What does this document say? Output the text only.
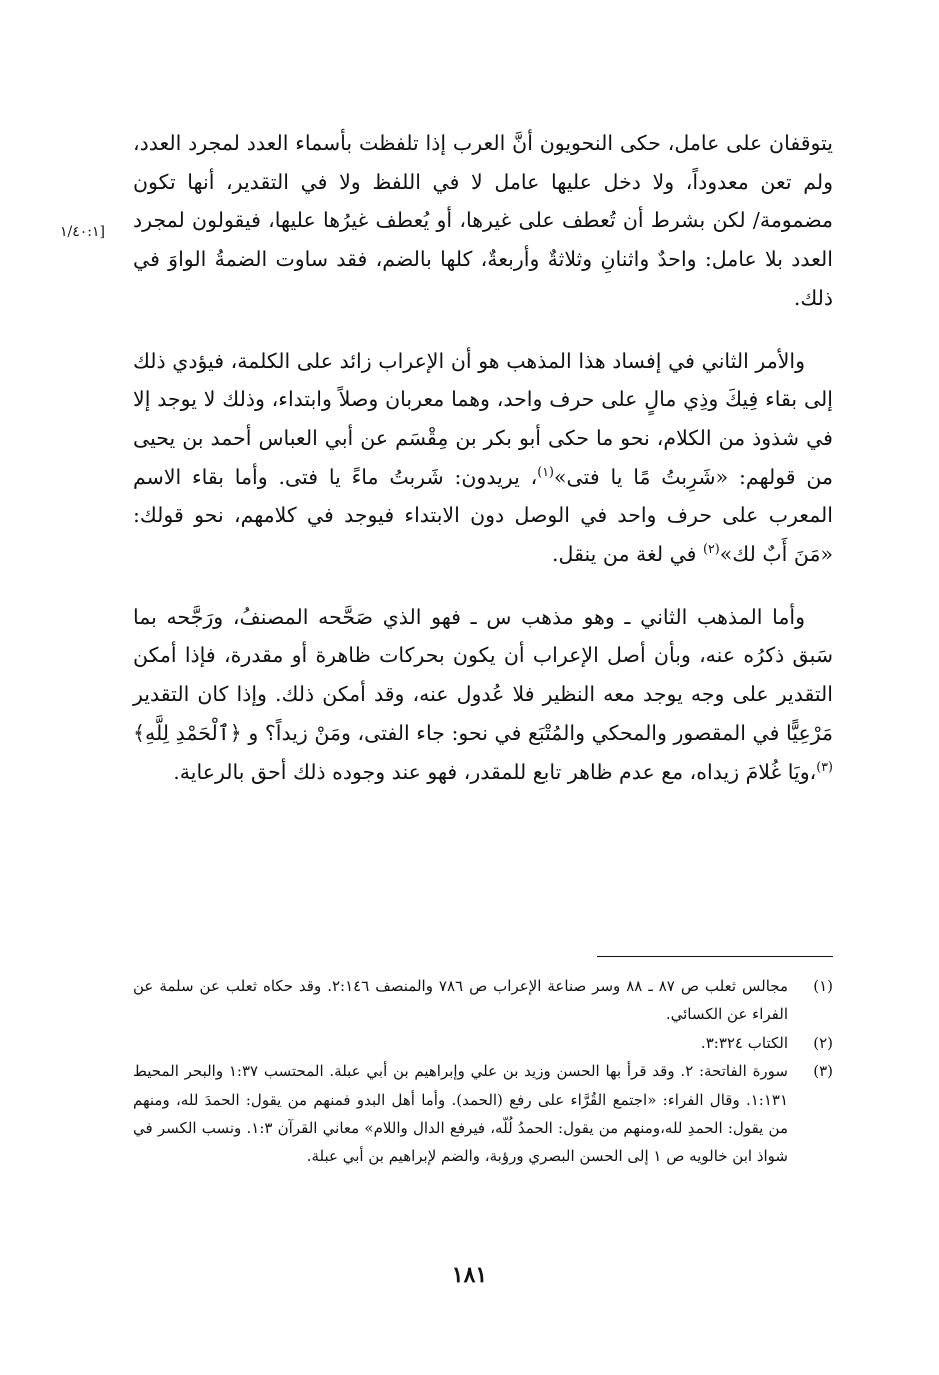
[١/٤٠:١

يتوقفان على عامل، حكى النحويون أنَّ العرب إذا تلفظت بأسماء العدد لمجرد العدد، ولم تعن معدوداً، ولا دخل عليها عامل لا في اللفظ ولا في التقدير، أنها تكون مضمومة/ لكن بشرط أن تُعطف على غيرها، أو يُعطف غيرُها عليها، فيقولون لمجرد العدد بلا عامل: واحدٌ واثنانِ وثلاثةٌ وأربعةٌ، كلها بالضم، فقد ساوت الضمةُ الواوَ في ذلك.

والأمر الثاني في إفساد هذا المذهب هو أن الإعراب زائد على الكلمة، فيؤدي ذلك إلى بقاء فِيكَ وذِي مالٍ على حرف واحد، وهما معربان وصلاً وابتداء، وذلك لا يوجد إلا في شذوذ من الكلام، نحو ما حكى أبو بكر بن مِقْسَم عن أبي العباس أحمد بن يحيى من قولهم: «شَرِبتُ مًا يا فتى»$^{(١)}$، يريدون: شَربتُ ماءً يا فتى. وأما بقاء الاسم المعرب على حرف واحد في الوصل دون الابتداء فيوجد في كلامهم، نحو قولك: «مَنَ أَبٌ لك»$^{(٢)}$ في لغة من ينقل.

وأما المذهب الثاني ـ وهو مذهب س ـ فهو الذي صَحَّحه المصنفُ، ورَجَّحه بما سَبق ذكرُه عنه، وبأن أصل الإعراب أن يكون بحركات ظاهرة أو مقدرة، فإذا أمكن التقدير على وجه يوجد معه النظير فلا عُدول عنه، وقد أمكن ذلك. وإذا كان التقدير مَرْعِيًّا في المقصور والمحكي والمُتْبَع في نحو: جاء الفتى، ومَنْ زيداً؟ و ﴿ٱلْحَمْدِ لِلَّهِ﴾$^{(٣)}$،ويَا غُلامَ زيداه، مع عدم ظاهر تابع للمقدر، فهو عند وجوده ذلك أحق بالرعاية.

(١)
مجالس ثعلب ص ٨٧ ـ ٨٨ وسر صناعة الإعراب ص ٧٨٦ والمنصف ٢:١٤٦. وقد حكاه ثعلب عن سلمة عن الفراء عن الكسائي.

(٢)
الكتاب ٣:٣٢٤.

(٣)
سورة الفاتحة: ٢. وقد قرأ بها الحسن وزيد بن علي وإبراهيم بن أبي عبلة. المحتسب ١:٣٧ والبحر المحيط ١:١٣١. وقال الفراء: «اجتمع القُرَّاء على رفع (الحمد). وأما أهل البدو فمنهم من يقول: الحمدَ لله، ومنهم من يقول: الحمدِ لله،ومنهم من يقول: الحمدُ لُلّه، فيرفع الدال واللام» معاني القرآن ١:٣. ونسب الكسر في شواذ ابن خالويه ص ١ إلى الحسن البصري ورؤبة، والضم لإبراهيم بن أبي عبلة.

١٨١
